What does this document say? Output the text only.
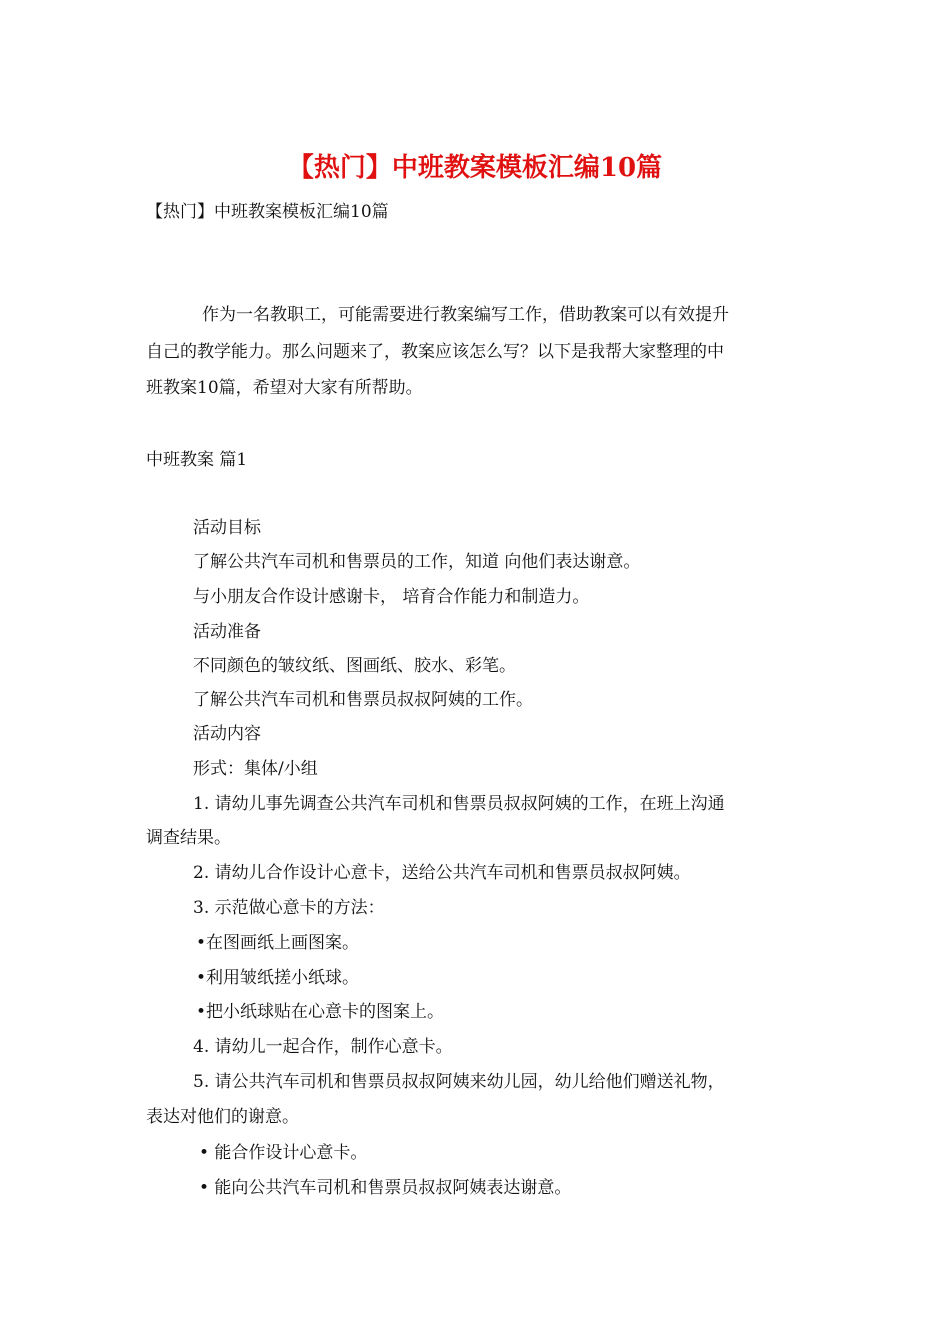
【热门】中班教案模板汇编10篇
【热门】中班教案模板汇编10篇
作为一名教职工，可能需要进行教案编写工作，借助教案可以有效提升
自己的教学能力。那么问题来了，教案应该怎么写？以下是我帮大家整理的中
班教案10篇，希望对大家有所帮助。
中班教案 篇1
活动目标
了解公共汽车司机和售票员的工作，知道 向他们表达谢意。
与小朋友合作设计感谢卡， 培育合作能力和制造力。
活动准备
不同颜色的皱纹纸、图画纸、胶水、彩笔。
了解公共汽车司机和售票员叔叔阿姨的工作。
活动内容
形式：集体/小组
1. 请幼儿事先调查公共汽车司机和售票员叔叔阿姨的工作，在班上沟通
调查结果。
2. 请幼儿合作设计心意卡，送给公共汽车司机和售票员叔叔阿姨。
3. 示范做心意卡的方法：
•在图画纸上画图案。
•利用皱纸搓小纸球。
•把小纸球贴在心意卡的图案上。
4. 请幼儿一起合作，制作心意卡。
5. 请公共汽车司机和售票员叔叔阿姨来幼儿园，幼儿给他们赠送礼物，
表达对他们的谢意。
• 能合作设计心意卡。
• 能向公共汽车司机和售票员叔叔阿姨表达谢意。
